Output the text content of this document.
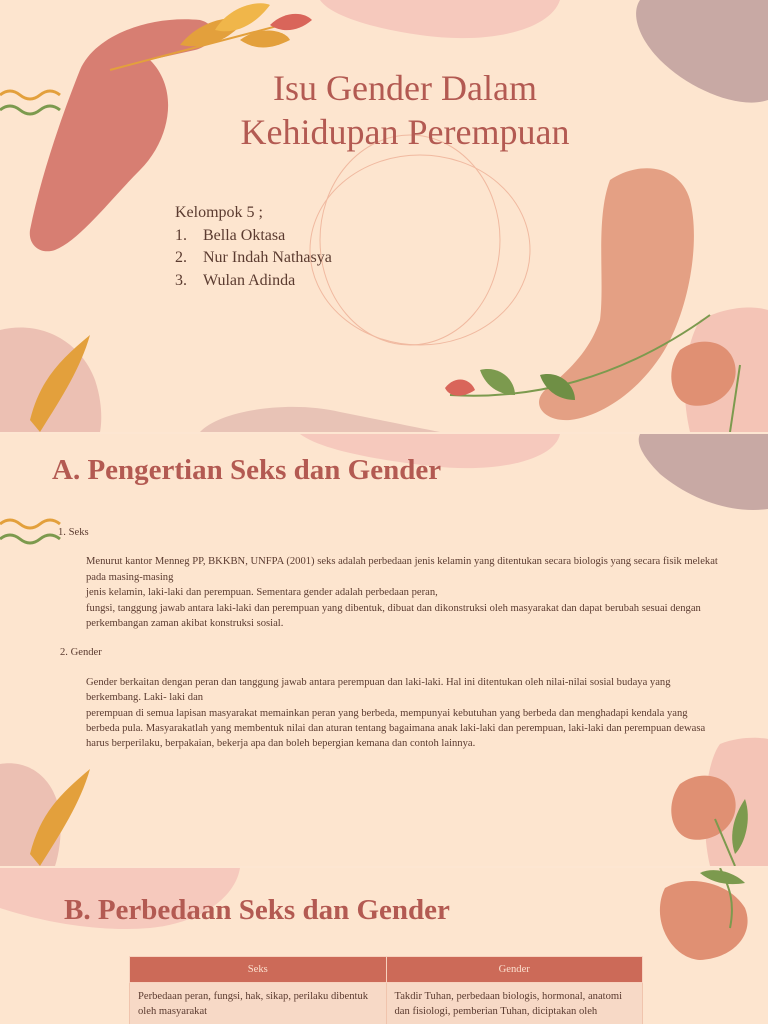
Isu Gender Dalam
Kehidupan Perempuan
Kelompok 5 ;
1.	Bella Oktasa
2.	Nur Indah Nathasya
3.	Wulan Adinda
A. Pengertian Seks dan Gender
1. Seks
Menurut kantor Menneg PP, BKKBN, UNFPA (2001) seks adalah perbedaan jenis kelamin yang ditentukan secara biologis yang secara fisik melekat pada masing-masing
jenis kelamin, laki-laki dan perempuan. Sementara gender adalah perbedaan peran,
fungsi, tanggung jawab antara laki-laki dan perempuan yang dibentuk, dibuat dan dikonstruksi oleh masyarakat dan dapat berubah sesuai dengan perkembangan zaman akibat konstruksi sosial.
2. Gender
Gender berkaitan dengan peran dan tanggung jawab antara perempuan dan laki-laki. Hal ini ditentukan oleh nilai-nilai sosial budaya yang berkembang. Laki- laki dan
perempuan di semua lapisan masyarakat memainkan peran yang berbeda, mempunyai kebutuhan yang berbeda dan menghadapi kendala yang berbeda pula. Masyarakatlah yang membentuk nilai dan aturan tentang bagaimana anak laki-laki dan perempuan, laki-laki dan perempuan dewasa harus berperilaku, berpakaian, bekerja apa dan boleh bepergian kemana dan contoh lainnya.
B. Perbedaan Seks dan Gender
Seks	Gender
Perbedaan peran, fungsi, hak, sikap, perilaku dibentuk oleh masyarakat	Takdir Tuhan, perbedaan biologis, hormonal, anatomi dan fisiologi, pemberian Tuhan, diciptakan oleh
